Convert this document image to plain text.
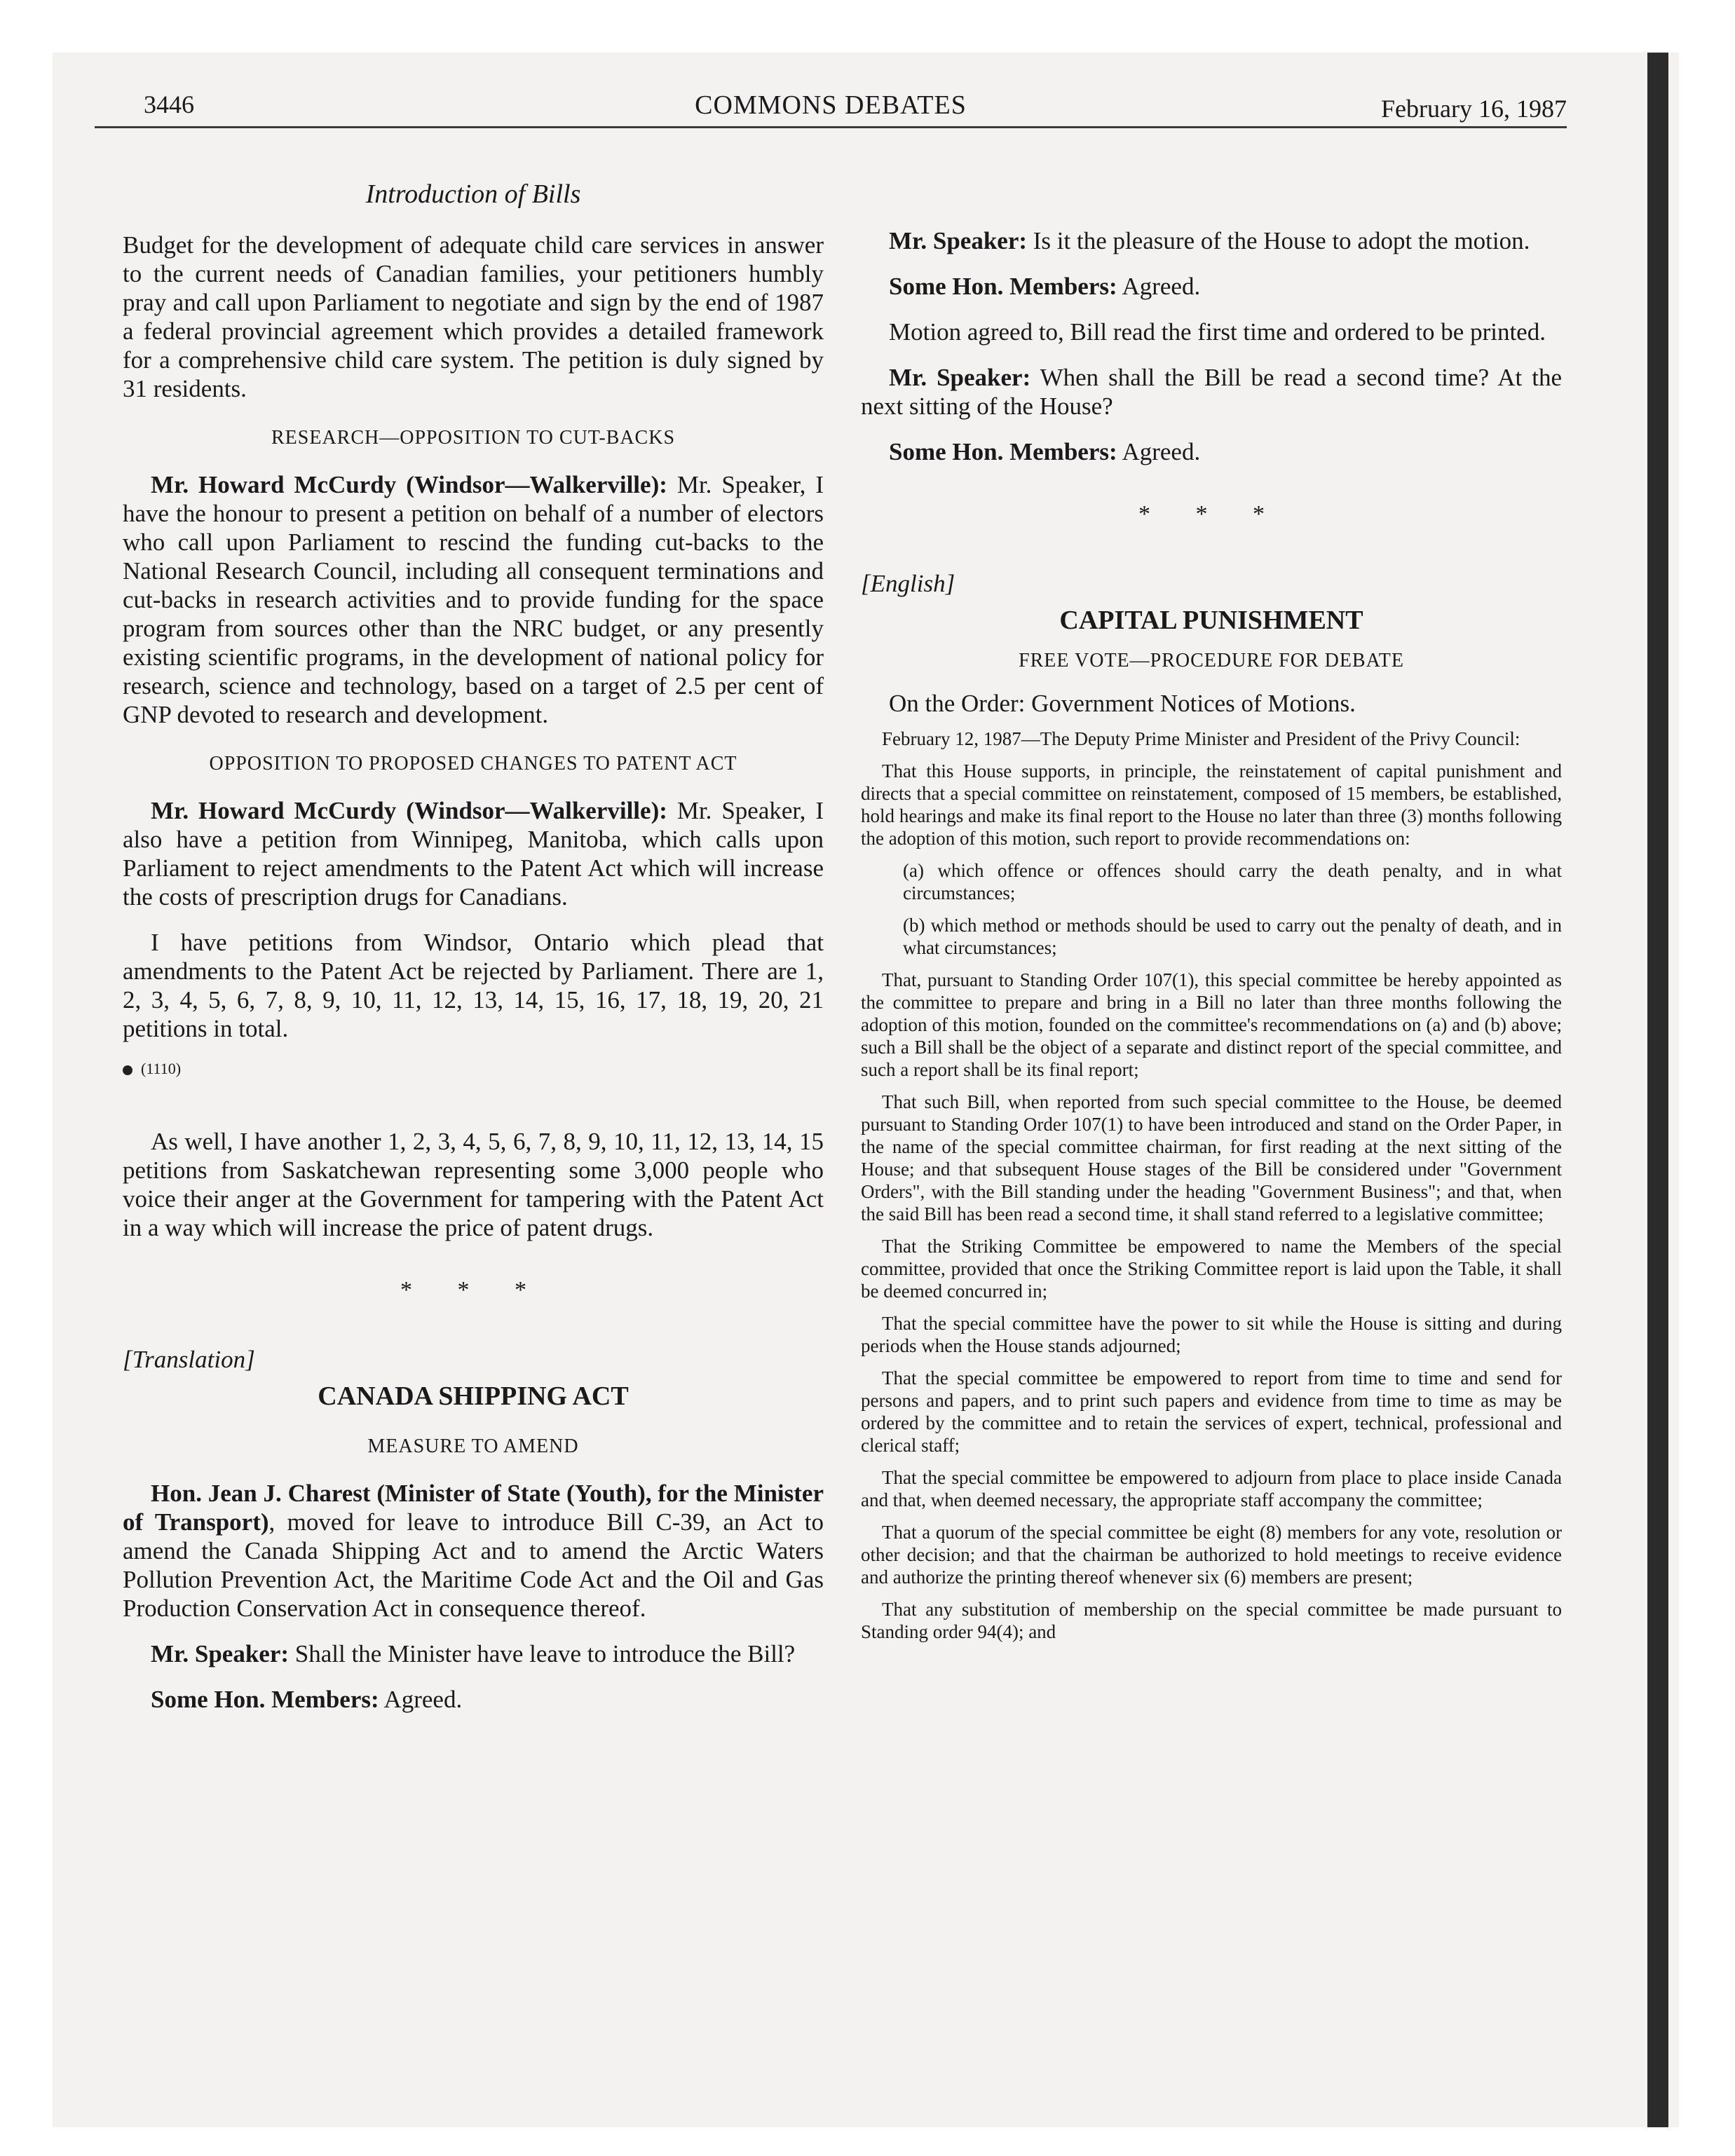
3446	COMMONS DEBATES	February 16, 1987
Introduction of Bills

Budget for the development of adequate child care services in answer to the current needs of Canadian families, your petitioners humbly pray and call upon Parliament to negotiate and sign by the end of 1987 a federal provincial agreement which provides a detailed framework for a comprehensive child care system. The petition is duly signed by 31 residents.

RESEARCH—OPPOSITION TO CUT-BACKS

Mr. Howard McCurdy (Windsor—Walkerville): Mr. Speaker, I have the honour to present a petition on behalf of a number of electors who call upon Parliament to rescind the funding cut-backs to the National Research Council, including all consequent terminations and cut-backs in research activities and to provide funding for the space program from sources other than the NRC budget, or any presently existing scientific programs, in the development of national policy for research, science and technology, based on a target of 2.5 per cent of GNP devoted to research and development.

OPPOSITION TO PROPOSED CHANGES TO PATENT ACT

Mr. Howard McCurdy (Windsor—Walkerville): Mr. Speaker, I also have a petition from Winnipeg, Manitoba, which calls upon Parliament to reject amendments to the Patent Act which will increase the costs of prescription drugs for Canadians.

I have petitions from Windsor, Ontario which plead that amendments to the Patent Act be rejected by Parliament. There are 1, 2, 3, 4, 5, 6, 7, 8, 9, 10, 11, 12, 13, 14, 15, 16, 17, 18, 19, 20, 21 petitions in total.

(1110)

As well, I have another 1, 2, 3, 4, 5, 6, 7, 8, 9, 10, 11, 12, 13, 14, 15 petitions from Saskatchewan representing some 3,000 people who voice their anger at the Government for tampering with the Patent Act in a way which will increase the price of patent drugs.

* * *
[Translation]
CANADA SHIPPING ACT
MEASURE TO AMEND

Hon. Jean J. Charest (Minister of State (Youth), for the Minister of Transport), moved for leave to introduce Bill C-39, an Act to amend the Canada Shipping Act and to amend the Arctic Waters Pollution Prevention Act, the Maritime Code Act and the Oil and Gas Production Conservation Act in consequence thereof.

Mr. Speaker: Shall the Minister have leave to introduce the Bill?

Some Hon. Members: Agreed.

Mr. Speaker: Is it the pleasure of the House to adopt the motion.

Some Hon. Members: Agreed.

Motion agreed to, Bill read the first time and ordered to be printed.

Mr. Speaker: When shall the Bill be read a second time? At the next sitting of the House?

Some Hon. Members: Agreed.

* * *
[English]
CAPITAL PUNISHMENT
FREE VOTE—PROCEDURE FOR DEBATE

On the Order: Government Notices of Motions.

February 12, 1987—The Deputy Prime Minister and President of the Privy Council:

That this House supports, in principle, the reinstatement of capital punishment and directs that a special committee on reinstatement, composed of 15 members, be established, hold hearings and make its final report to the House no later than three (3) months following the adoption of this motion, such report to provide recommendations on:

(a) which offence or offences should carry the death penalty, and in what circumstances;

(b) which method or methods should be used to carry out the penalty of death, and in what circumstances;

That, pursuant to Standing Order 107(1), this special committee be hereby appointed as the committee to prepare and bring in a Bill no later than three months following the adoption of this motion, founded on the committee's recommendations on (a) and (b) above; such a Bill shall be the object of a separate and distinct report of the special committee, and such a report shall be its final report;

That such Bill, when reported from such special committee to the House, be deemed pursuant to Standing Order 107(1) to have been introduced and stand on the Order Paper, in the name of the special committee chairman, for first reading at the next sitting of the House; and that subsequent House stages of the Bill be considered under "Government Orders", with the Bill standing under the heading "Government Business"; and that, when the said Bill has been read a second time, it shall stand referred to a legislative committee;

That the Striking Committee be empowered to name the Members of the special committee, provided that once the Striking Committee report is laid upon the Table, it shall be deemed concurred in;

That the special committee have the power to sit while the House is sitting and during periods when the House stands adjourned;

That the special committee be empowered to report from time to time and send for persons and papers, and to print such papers and evidence from time to time as may be ordered by the committee and to retain the services of expert, technical, professional and clerical staff;

That the special committee be empowered to adjourn from place to place inside Canada and that, when deemed necessary, the appropriate staff accompany the committee;

That a quorum of the special committee be eight (8) members for any vote, resolution or other decision; and that the chairman be authorized to hold meetings to receive evidence and authorize the printing thereof whenever six (6) members are present;

That any substitution of membership on the special committee be made pursuant to Standing order 94(4); and
